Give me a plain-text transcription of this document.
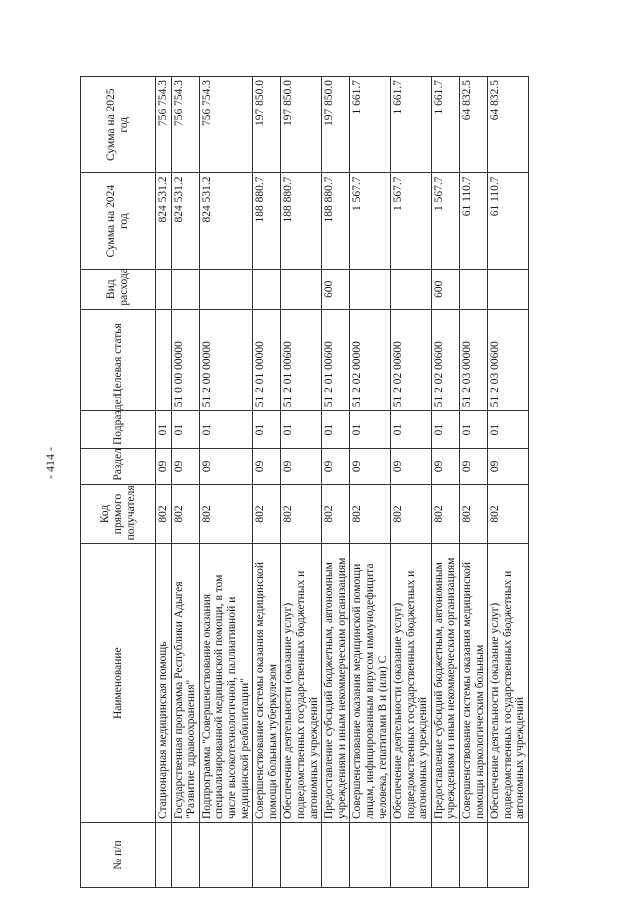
- 414 -
№ п/п	Наименование	Код прямого получателя	Раздел	Подраздел	Целевая статья	Вид расхода	Сумма на 2024 год	Сумма на 2025 год
	Стационарная медицинская помощь	802	09	01			824 531.2	756 754.3
	Государственная программа Республики Адыгея "Развитие здравоохранения"	802	09	01	51 0 00 00000		824 531.2	756 754.3
	Подпрограмма "Совершенствование оказания специализированной медицинской помощи, в том числе высокотехнологичной, паллиативной и медицинской реабилитации"	802	09	01	51 2 00 00000		824 531.2	756 754.3
	Совершенствование системы оказания медицинской помощи больным туберкулезом	802	09	01	51 2 01 00000		188 880.7	197 850.0
	Обеспечение деятельности (оказание услуг) подведомственных государственных бюджетных и автономных учреждений	802	09	01	51 2 01 00600		188 880.7	197 850.0
	Предоставление субсидий бюджетным, автономным учреждениям и иным некоммерческим организациям	802	09	01	51 2 01 00600	600	188 880.7	197 850.0
	Совершенствование оказания медицинской помощи лицам, инфицированным вирусом иммунодефицита человека, гепатитами B и (или) C	802	09	01	51 2 02 00000		1 567.7	1 661.7
	Обеспечение деятельности (оказание услуг) подведомственных государственных бюджетных и автономных учреждений	802	09	01	51 2 02 00600		1 567.7	1 661.7
	Предоставление субсидий бюджетным, автономным учреждениям и иным некоммерческим организациям	802	09	01	51 2 02 00600	600	1 567.7	1 661.7
	Совершенствование системы оказания медицинской помощи наркологическим больным	802	09	01	51 2 03 00000		61 110.7	64 832.5
	Обеспечение деятельности (оказание услуг) подведомственных государственных бюджетных и автономных учреждений	802	09	01	51 2 03 00600		61 110.7	64 832.5
